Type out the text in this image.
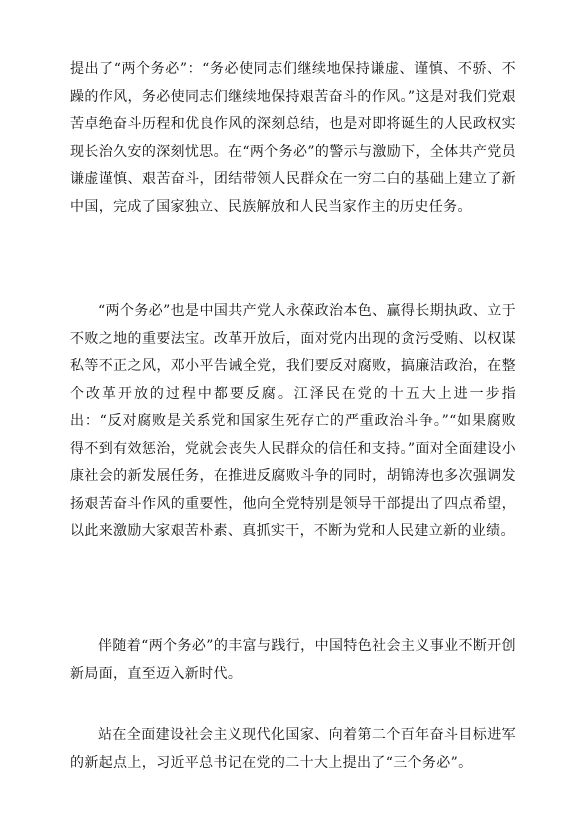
提出了“两个务必”：“务必使同志们继续地保持谦虚、谨慎、不骄、不躁的作风，务必使同志们继续地保持艰苦奋斗的作风。”这是对我们党艰苦卓绝奋斗历程和优良作风的深刻总结，也是对即将诞生的人民政权实现长治久安的深刻忧思。在“两个务必”的警示与激励下，全体共产党员谦虚谨慎、艰苦奋斗，团结带领人民群众在一穷二白的基础上建立了新中国，完成了国家独立、民族解放和人民当家作主的历史任务。

“两个务必”也是中国共产党人永葆政治本色、赢得长期执政、立于不败之地的重要法宝。改革开放后，面对党内出现的贪污受贿、以权谋私等不正之风，邓小平告诫全党，我们要反对腐败，搞廉洁政治，在整个改革开放的过程中都要反腐。江泽民在党的十五大上进一步指出：“反对腐败是关系党和国家生死存亡的严重政治斗争。”“如果腐败得不到有效惩治，党就会丧失人民群众的信任和支持。”面对全面建设小康社会的新发展任务，在推进反腐败斗争的同时，胡锦涛也多次强调发扬艰苦奋斗作风的重要性，他向全党特别是领导干部提出了四点希望，以此来激励大家艰苦朴素、真抓实干，不断为党和人民建立新的业绩。

伴随着“两个务必”的丰富与践行，中国特色社会主义事业不断开创新局面，直至迈入新时代。

站在全面建设社会主义现代化国家、向着第二个百年奋斗目标进军的新起点上，习近平总书记在党的二十大上提出了“三个务必”。
